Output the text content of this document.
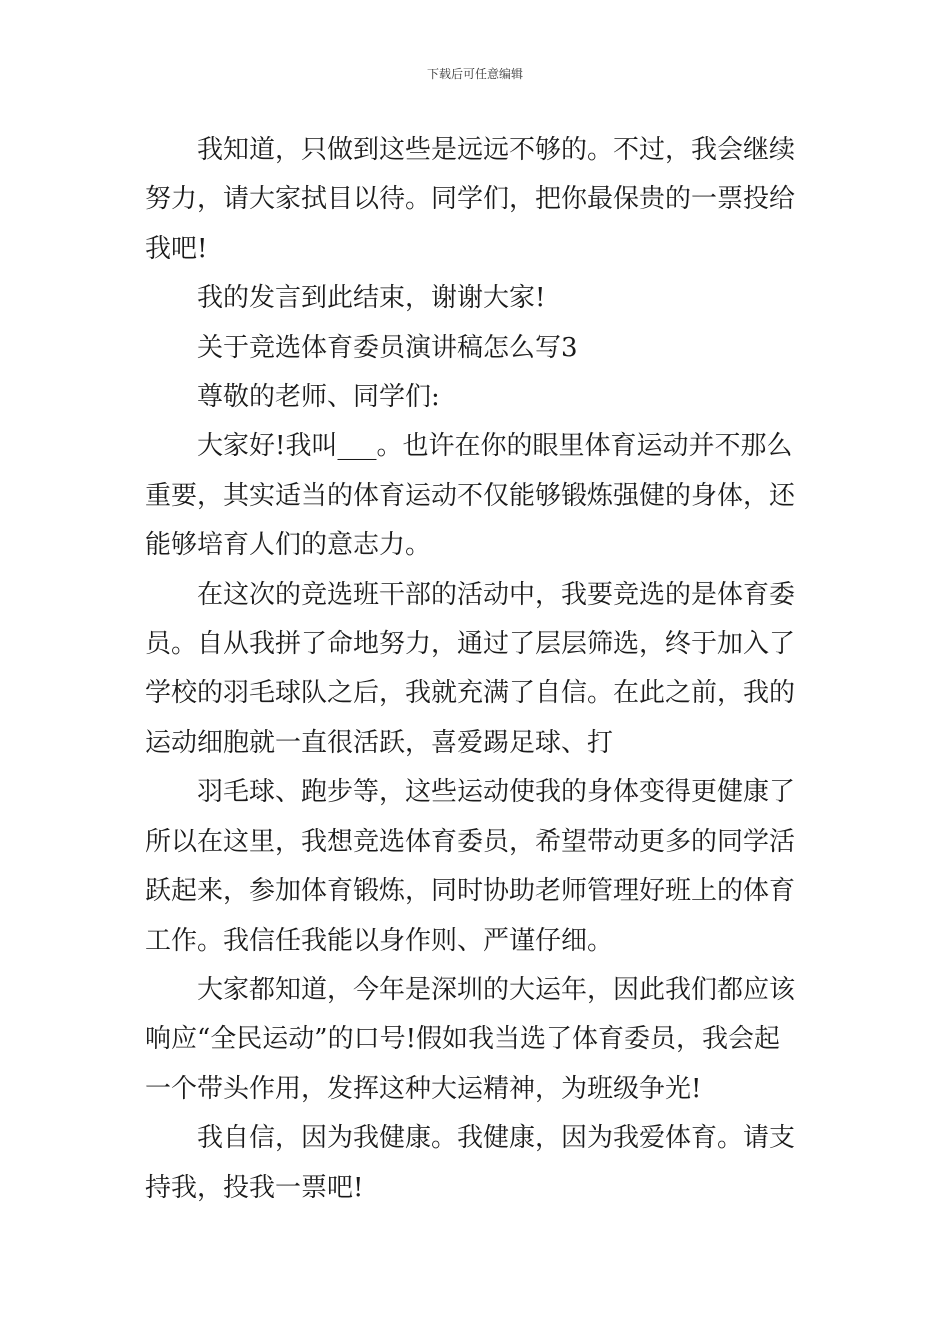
下载后可任意编辑
我知道，只做到这些是远远不够的。不过，我会继续
努力，请大家拭目以待。同学们，把你最保贵的一票投给
我吧!
我的发言到此结束，谢谢大家!
关于竞选体育委员演讲稿怎么写3
尊敬的老师、同学们:
大家好!我叫___。也许在你的眼里体育运动并不那么
重要，其实适当的体育运动不仅能够锻炼强健的身体，还
能够培育人们的意志力。
在这次的竞选班干部的活动中，我要竞选的是体育委
员。自从我拼了命地努力，通过了层层筛选，终于加入了
学校的羽毛球队之后，我就充满了自信。在此之前，我的
运动细胞就一直很活跃，喜爱踢足球、打
羽毛球、跑步等，这些运动使我的身体变得更健康了
所以在这里，我想竞选体育委员，希望带动更多的同学活
跃起来，参加体育锻炼，同时协助老师管理好班上的体育
工作。我信任我能以身作则、严谨仔细。
大家都知道，今年是深圳的大运年，因此我们都应该
响应“全民运动”的口号!假如我当选了体育委员，我会起
一个带头作用，发挥这种大运精神，为班级争光!
我自信，因为我健康。我健康，因为我爱体育。请支
持我，投我一票吧!
